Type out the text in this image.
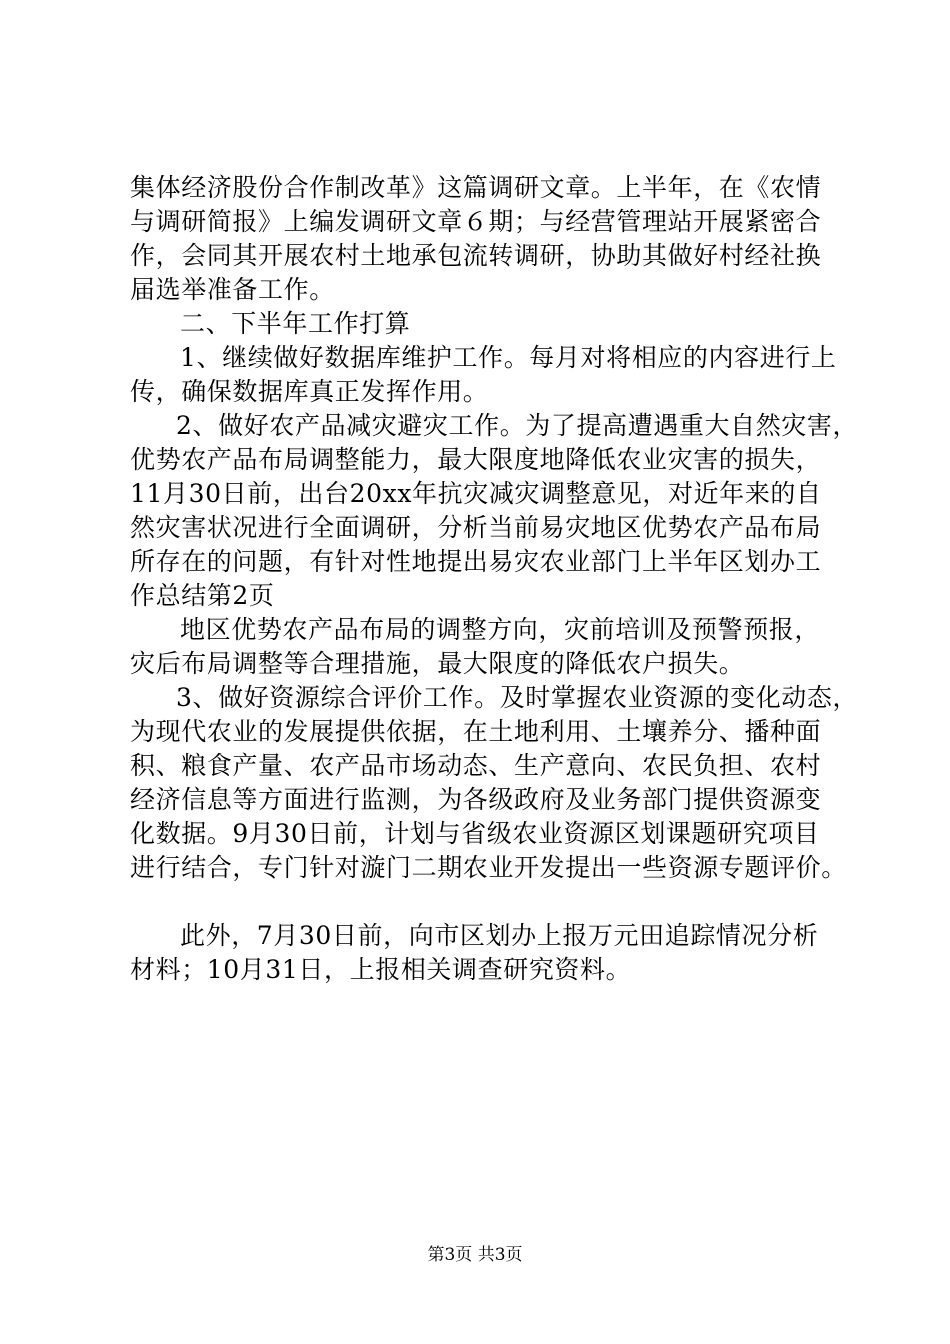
集体经济股份合作制改革》这篇调研文章。上半年，在《农情
与调研简报》上编发调研文章６期；与经营管理站开展紧密合
作，会同其开展农村土地承包流转调研，协助其做好村经社换
届选举准备工作。
二、下半年工作打算
1、继续做好数据库维护工作。每月对将相应的内容进行上
传，确保数据库真正发挥作用。
2、做好农产品减灾避灾工作。为了提高遭遇重大自然灾害，
优势农产品布局调整能力，最大限度地降低农业灾害的损失，
11月30日前，出台20xx年抗灾减灾调整意见，对近年来的自
然灾害状况进行全面调研，分析当前易灾地区优势农产品布局
所存在的问题，有针对性地提出易灾农业部门上半年区划办工
作总结第2页
地区优势农产品布局的调整方向，灾前培训及预警预报，
灾后布局调整等合理措施，最大限度的降低农户损失。
3、做好资源综合评价工作。及时掌握农业资源的变化动态，
为现代农业的发展提供依据，在土地利用、土壤养分、播种面
积、粮食产量、农产品市场动态、生产意向、农民负担、农村
经济信息等方面进行监测，为各级政府及业务部门提供资源变
化数据。9月30日前，计划与省级农业资源区划课题研究项目
进行结合，专门针对漩门二期农业开发提出一些资源专题评价。
此外，7月30日前，向市区划办上报万元田追踪情况分析
材料；10月31日，上报相关调查研究资料。
第3页 共3页
